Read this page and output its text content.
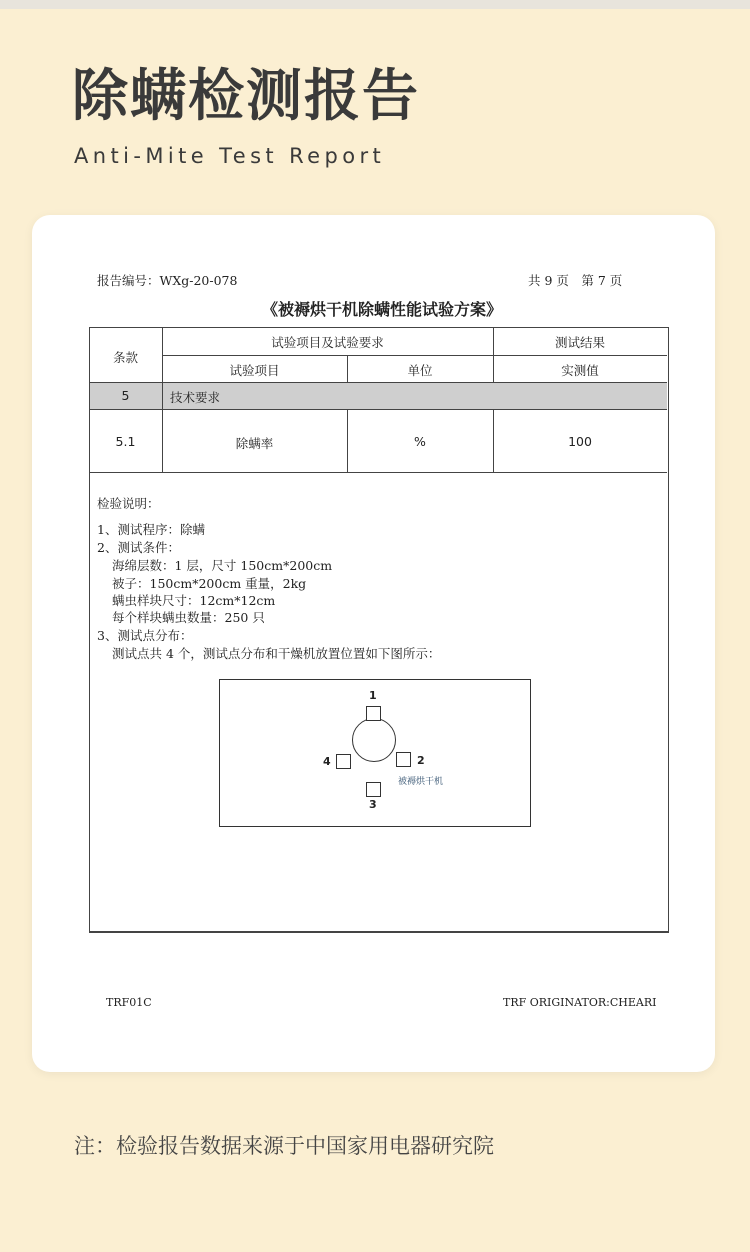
除螨检测报告
Anti-Mite Test Report
报告编号：WXg-20-078	共 9 页　第 7 页
《被褥烘干机除螨性能试验方案》
条款
试验项目及试验要求	测试结果
试验项目	单位	实测值
5	技术要求
5.1	除螨率	%	100
检验说明：
1、测试程序：除螨
2、测试条件：
海绵层数：1 层，尺寸 150cm*200cm
被子：150cm*200cm 重量，2kg
螨虫样块尺寸：12cm*12cm
每个样块螨虫数量：250 只
3、测试点分布：
测试点共 4 个，测试点分布和干燥机放置位置如下图所示：
1
2
3
4
被褥烘干机
TRF01C	TRF ORIGINATOR:CHEARI
注：检验报告数据来源于中国家用电器研究院
